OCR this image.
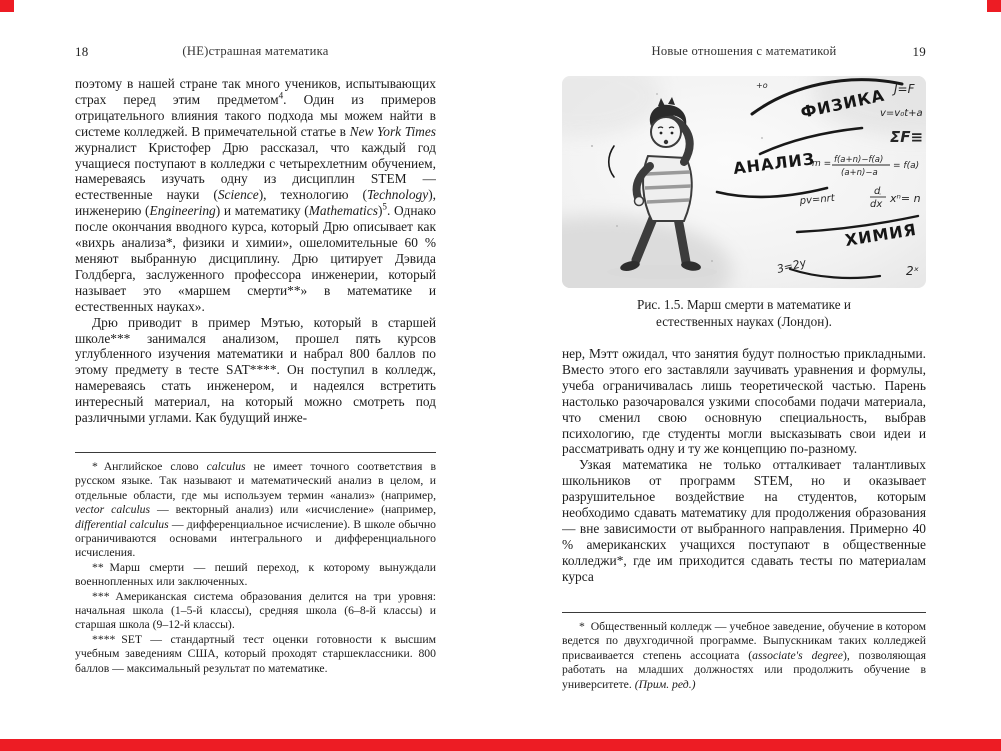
18	(НЕ)страшная математика

поэтому в нашей стране так много учеников, испытывающих страх перед этим предметом$^4$. Один из примеров отрицательного влияния такого подхода мы можем найти в системе колледжей. В примечательной статье в New York Times журналист Кристофер Дрю рассказал, что каждый год учащиеся поступают в колледжи с четырехлетним обучением, намереваясь изучать одну из дисциплин STEM — естественные науки (Science), технологию (Technology), инженерию (Engineering) и математику (Mathematics)$^5$. Однако после окончания вводного курса, который Дрю описывает как «вихрь анализа*, физики и химии», ошеломительные 60 % меняют выбранную дисциплину. Дрю цитирует Дэвида Голдберга, заслуженного профессора инженерии, который называет это «маршем смерти**» в математике и естественных науках».

Дрю приводит в пример Мэтью, который в старшей школе*** занимался анализом, прошел пять курсов углубленного изучения математики и набрал 800 баллов по этому предмету в тесте SAT****. Он поступил в колледж, намереваясь стать инженером, и надеялся встретить интересный материал, на который можно смотреть под различными углами. Как будущий инже-

* Английское слово calculus не имеет точного соответствия в русском языке. Так называют и математический анализ в целом, и отдельные области, где мы используем термин «анализ» (например, vector calculus — векторный анализ) или «исчисление» (например, differential calculus — дифференциальное исчисление). В школе обычно ограничиваются основами интегрального и дифференциального исчисления.

** Марш смерти — пеший переход, к которому вынуждали военнопленных или заключенных.

*** Американская система образования делится на три уровня: начальная школа (1–5-й классы), средняя школа (6–8-й классы) и старшая школа (9–12-й классы).

**** SET — стандартный тест оценки готовности к высшим учебным заведениям США, который проходят старшеклассники. 800 баллов — максимальный результат по математике.

Новые отношения с математикой	19
ФИЗИКА
АНАЛИЗ
ХИМИЯ
+o	J=F
v=v₀t+a
ΣF≡
m = f(a+n)−f(a)
(a+n)−a
= f(a)
d
dx xⁿ= n
pv=nrt
3=2y	2ˣ
Рис. 1.5. Марш смерти в математике и естественных науках (Лондон).

нер, Мэтт ожидал, что занятия будут полностью прикладными. Вместо этого его заставляли заучивать уравнения и формулы, учеба ограничивалась лишь теоретической частью. Парень настолько разочаровался узкими способами подачи материала, что сменил свою основную специальность, выбрав психологию, где студенты могли высказывать свои идеи и рассматривать одну и ту же концепцию по-разному.

Узкая математика не только отталкивает талантливых школьников от программ STEM, но и оказывает разрушительное воздействие на студентов, которым необходимо сдавать математику для продолжения образования — вне зависимости от выбранного направления. Примерно 40 % американских учащихся поступают в общественные колледжи*, где им приходится сдавать тесты по материалам курса

* Общественный колледж — учебное заведение, обучение в котором ведется по двухгодичной программе. Выпускникам таких колледжей присваивается степень ассоциата (associate's degree), позволяющая работать на младших должностях или продолжить обучение в университете. (Прим. ред.)
